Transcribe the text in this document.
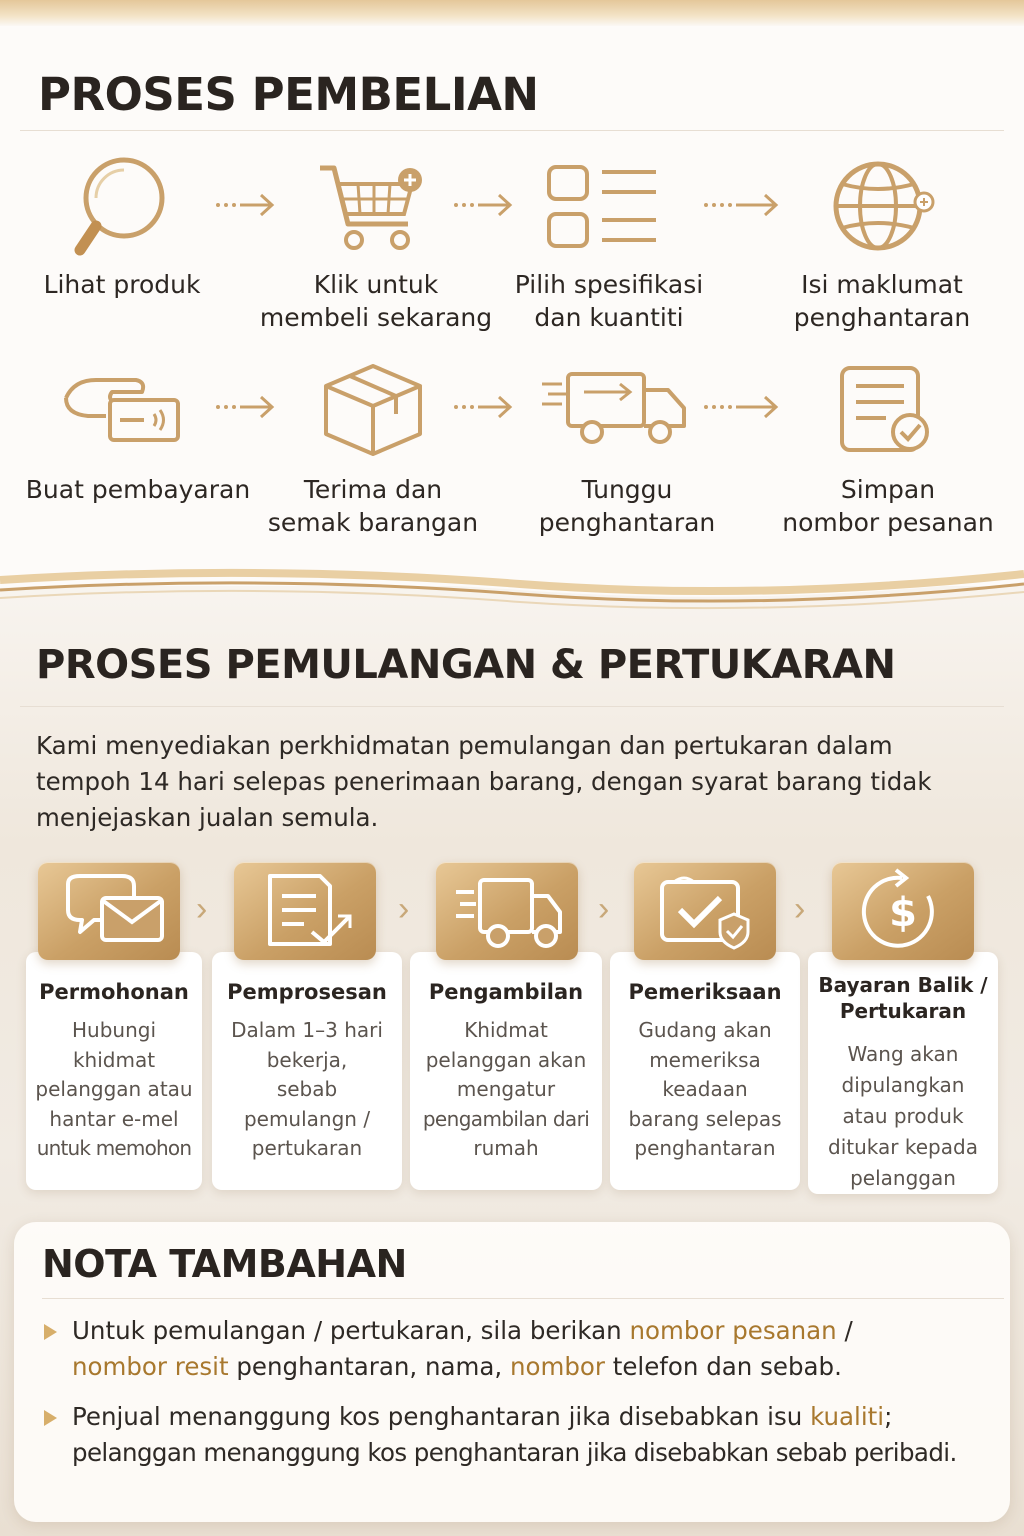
PROSES PEMBELIAN
Lihat produk	Klik untuk
membeli sekarang
Pilih spesifikasi
dan kuantiti
Isi maklumat
penghantaran
Buat pembayaran	Terima dan
semak barangan
Tunggu penghantaran
Simpan
nombor pesanan
PROSES PEMULANGAN & PERTUKARAN
Kami menyediakan perkhidmatan pemulangan dan pertukaran dalam
tempoh 14 hari selepas penerimaan barang, dengan syarat barang tidak
menjejaskan jualan semula.
Permohonan
Hubungi
khidmat
pelanggan atau
hantar e-mel
untuk memohon
Pemprosesan
Dalam 1–3 hari
bekerja,
sebab
pemulangn /
pertukaran
Pengambilan
Khidmat
pelanggan akan
mengatur
pengambilan dari
rumah
Pemeriksaan
Gudang akan
memeriksa
keadaan
barang selepas
penghantaran
Bayaran Balik /
Pertukaran
Wang akan
dipulangkan
atau produk
ditukar kepada
pelanggan
$
›	›	›	›
NOTA TAMBAHAN
Untuk pemulangan / pertukaran, sila berikan nombor pesanan /
nombor resit penghantaran, nama, nombor telefon dan sebab.
Penjual menanggung kos penghantaran jika disebabkan isu kualiti;
pelanggan menanggung kos penghantaran jika disebabkan sebab peribadi.
